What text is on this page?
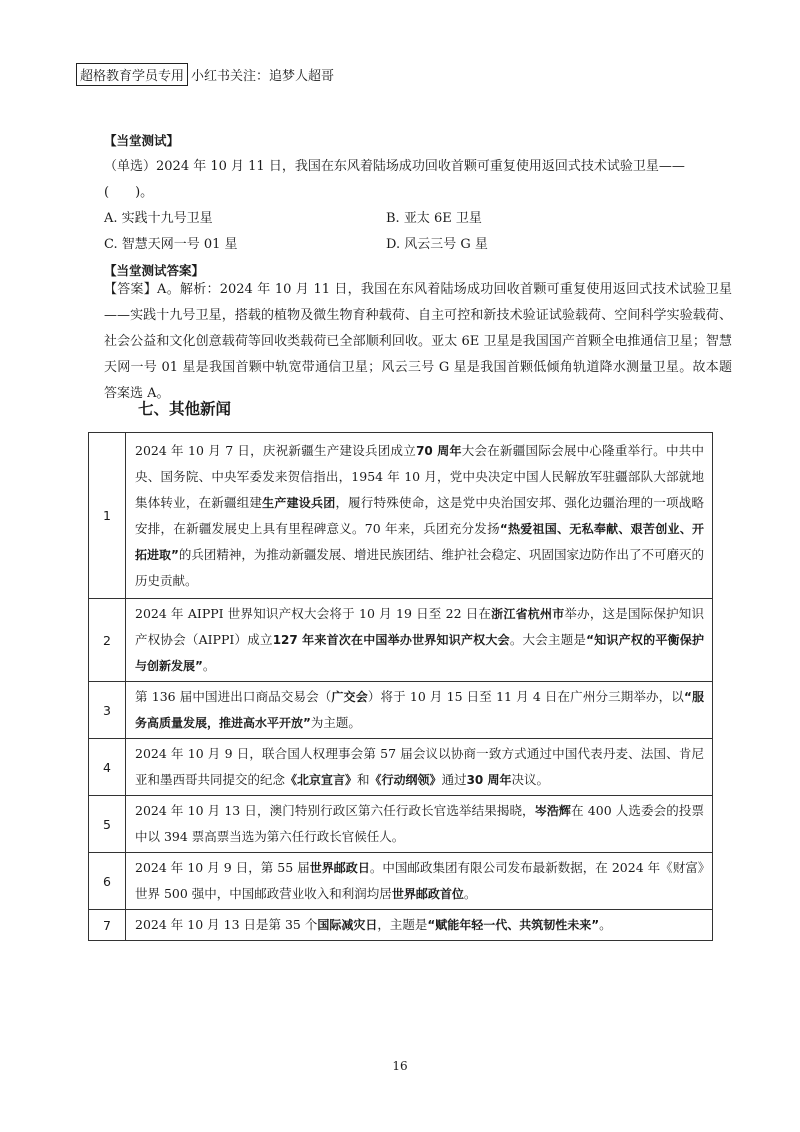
超格教育学员专用 小红书关注：追梦人超哥

【当堂测试】

（单选）2024 年 10 月 11 日，我国在东风着陆场成功回收首颗可重复使用返回式技术试验卫星——(　　)。

A. 实践十九号卫星	B. 亚太 6E 卫星
C. 智慧天网一号 01 星	D. 风云三号 G 星

【当堂测试答案】

【答案】A。解析：2024 年 10 月 11 日，我国在东风着陆场成功回收首颗可重复使用返回式技术试验卫星——实践十九号卫星，搭载的植物及微生物育种载荷、自主可控和新技术验证试验载荷、空间科学实验载荷、社会公益和文化创意载荷等回收类载荷已全部顺利回收。亚太 6E 卫星是我国国产首颗全电推通信卫星；智慧天网一号 01 星是我国首颗中轨宽带通信卫星；风云三号 G 星是我国首颗低倾角轨道降水测量卫星。故本题答案选 A。
七、其他新闻
1	2024 年 10 月 7 日，庆祝新疆生产建设兵团成立70 周年大会在新疆国际会展中心隆重举行。中共中央、国务院、中央军委发来贺信指出，1954 年 10 月，党中央决定中国人民解放军驻疆部队大部就地集体转业，在新疆组建生产建设兵团，履行特殊使命，这是党中央治国安邦、强化边疆治理的一项战略安排，在新疆发展史上具有里程碑意义。70 年来，兵团充分发扬“热爱祖国、无私奉献、艰苦创业、开拓进取”的兵团精神，为推动新疆发展、增进民族团结、维护社会稳定、巩固国家边防作出了不可磨灭的历史贡献。
2	2024 年 AIPPI 世界知识产权大会将于 10 月 19 日至 22 日在浙江省杭州市举办，这是国际保护知识产权协会（AIPPI）成立127 年来首次在中国举办世界知识产权大会。大会主题是“知识产权的平衡保护与创新发展”。
3	第 136 届中国进出口商品交易会（广交会）将于 10 月 15 日至 11 月 4 日在广州分三期举办，以“服务高质量发展，推进高水平开放”为主题。
4	2024 年 10 月 9 日，联合国人权理事会第 57 届会议以协商一致方式通过中国代表丹麦、法国、肯尼亚和墨西哥共同提交的纪念《北京宣言》和《行动纲领》通过30 周年决议。
5	2024 年 10 月 13 日，澳门特别行政区第六任行政长官选举结果揭晓，岑浩辉在 400 人选委会的投票中以 394 票高票当选为第六任行政长官候任人。
6	2024 年 10 月 9 日，第 55 届世界邮政日。中国邮政集团有限公司发布最新数据，在 2024 年《财富》世界 500 强中，中国邮政营业收入和利润均居世界邮政首位。
7	2024 年 10 月 13 日是第 35 个国际减灾日，主题是“赋能年轻一代、共筑韧性未来”。
16
